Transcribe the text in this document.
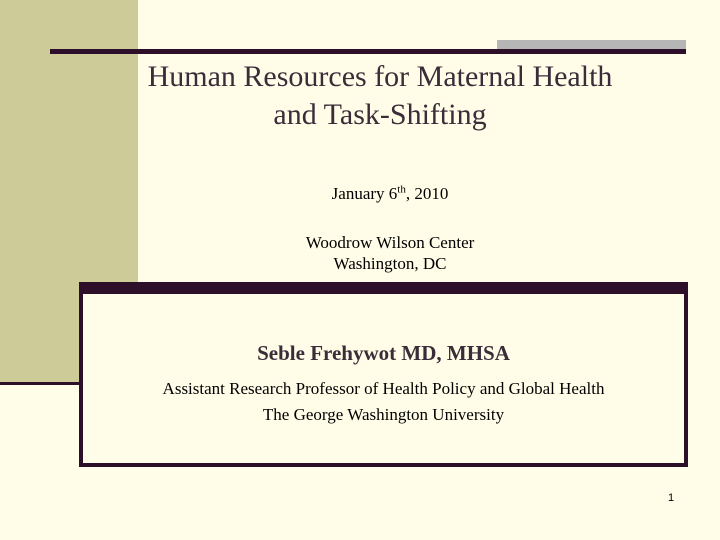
Human Resources for Maternal Health
and Task-Shifting
January 6th, 2010
Woodrow Wilson Center
Washington, DC
Seble Frehywot MD, MHSA
Assistant Research Professor of Health Policy and Global Health
The George Washington University
1
